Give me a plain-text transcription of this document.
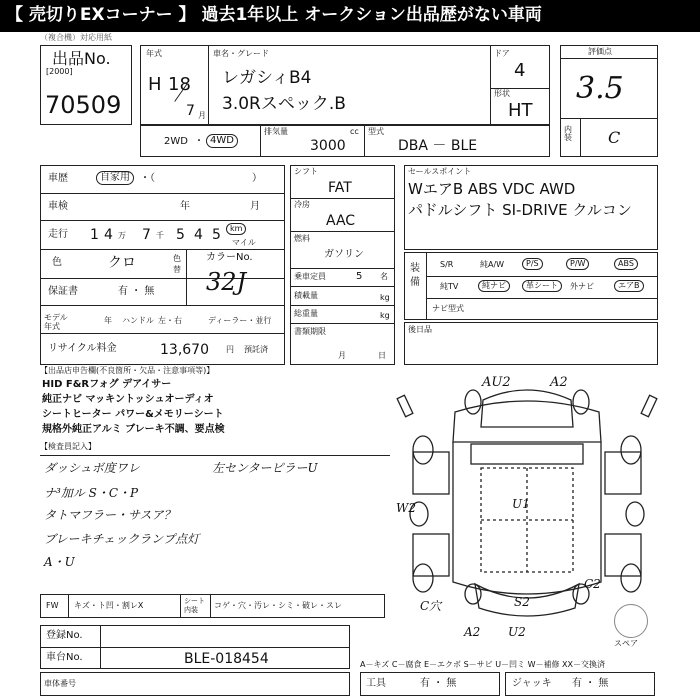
【 売切りEXコーナー 】 過去1年以上 オークション出品歴がない車両
（複合機）対応用紙
出品No.
[2000]
70509
年式
H 18
7 月
車名・グレード
レガシィB4
3.0Rスペック.B
ドア
4
形状
HT
評価点
3.5
内装 C
2WD ・ 4WD
排気量	cc
3000
型式
DBA － BLE
車歴	自家用	・（	）
車検	年	月
走行 1 4 万 7 千 5 4 5	km
マイル
色	クロ	色替
カラーNo.
32J
保証書	有 ・ 無
モデル年式
年 ハンドル 左・右	ディーラー・並行
リサイクル料金	13,670 円 預託済
シフト
FAT
冷房
AAC
燃料
ガソリン
乗車定員	5 名
積載量	kg
総重量	kg
書類期限
月	日
セールスポイント
WエアB ABS VDC AWD
パドルシフト SI-DRIVE クルコン
装備
S/R	純A/W	P/S	P/W	ABS
純TV	純ナビ	革シート	外ナビ	エアB
ナビ型式
後日品
【出品店申告欄(不良箇所・欠品・注意事項等)】
HID F&Rフォグ デアイサー
純正ナビ マッキントッシュオーディオ
シートヒーター パワー&メモリーシート
規格外純正アルミ ブレーキ不調、要点検
【検査員記入】
ダッシュボ度ワレ	左センターピラーU
ナ³加ル S・C・P
タトマフラー・サスア？
ブレーキチェックランプ点灯
A・U
AU2	A2
W2	U1
C2
C穴	S2
A2 U2
スペア
FW キズ・ト凹・割レX	シート内装	コゲ・穴・汚レ・シミ・破レ・スレ
登録No.
車台No.	BLE-018454	A－キズ C－腐食 E－エクボ S－サビ U－凹ミ W－補修 XX－交換済
車体番号	工具	有 ・ 無	ジャッキ 有 ・ 無
